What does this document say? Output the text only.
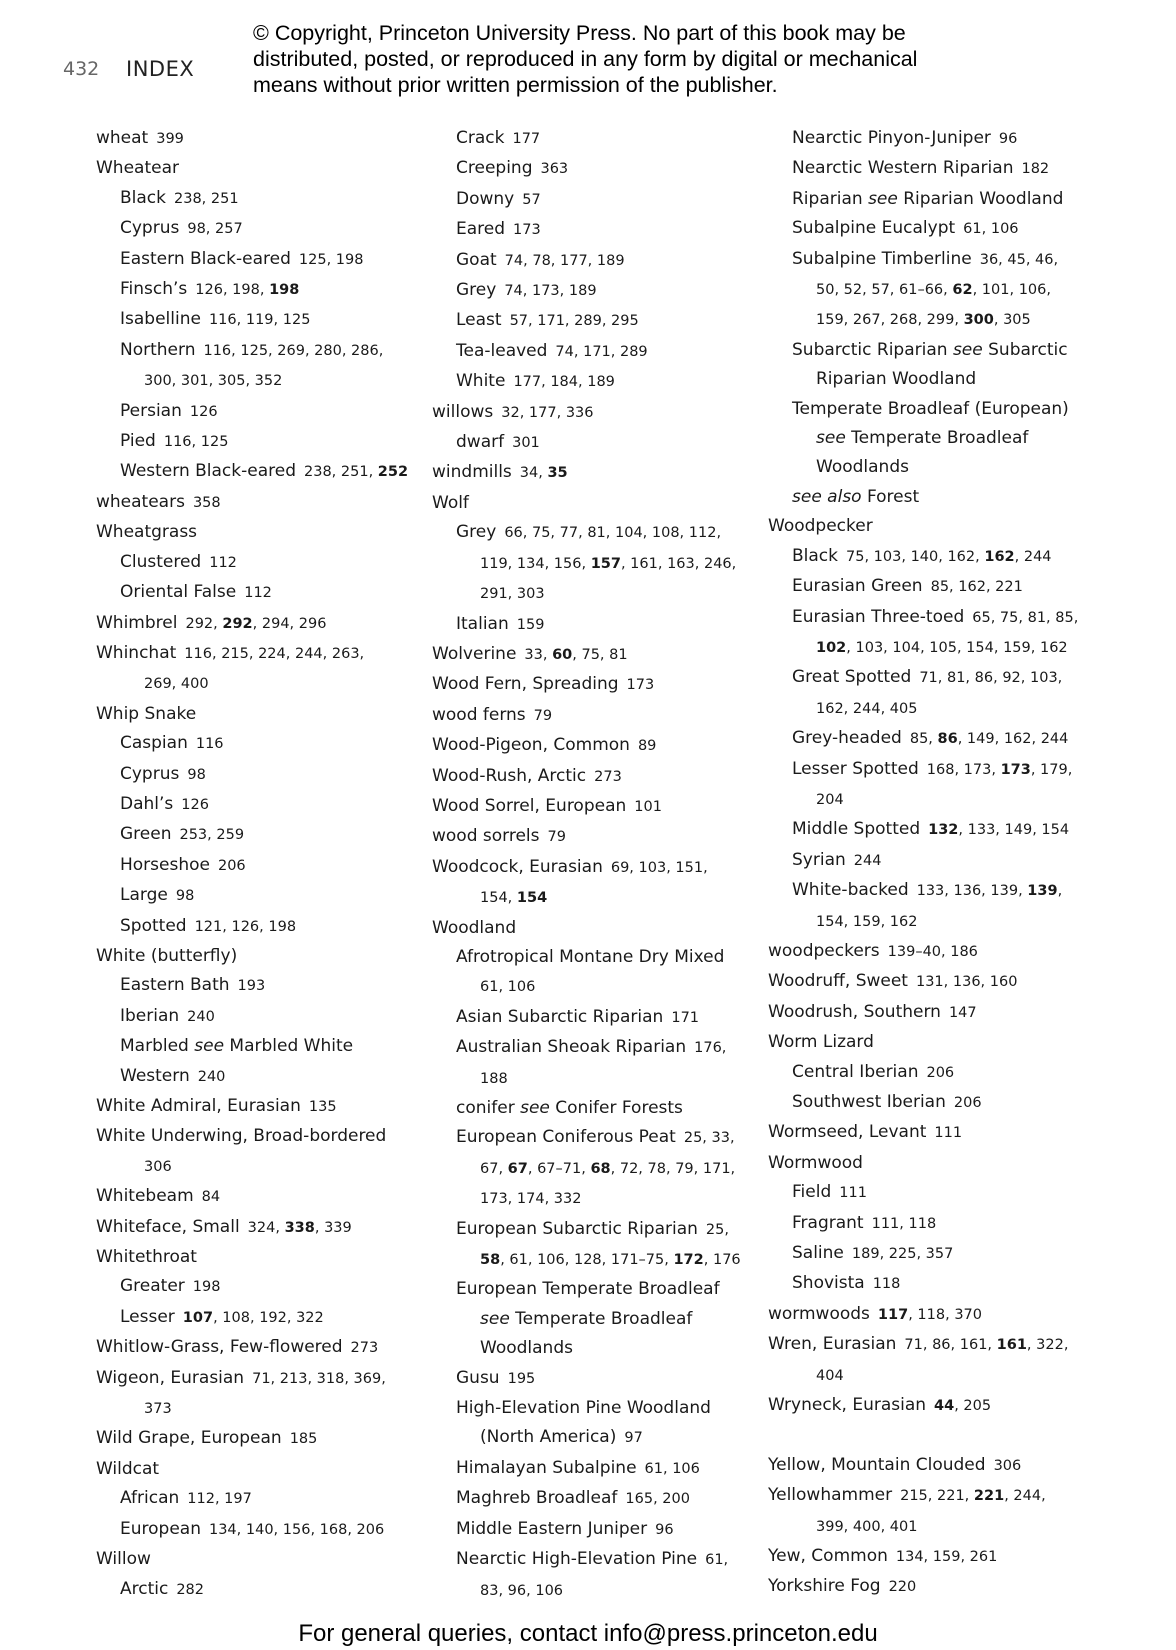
432 INDEX
© Copyright, Princeton University Press. No part of this book may be
distributed, posted, or reproduced in any form by digital or mechanical
means without prior written permission of the publisher.
wheat 399
Wheatear
Black 238, 251
Cyprus 98, 257
Eastern Black-eared 125, 198
Finsch’s 126, 198, 198
Isabelline 116, 119, 125
Northern 116, 125, 269, 280, 286,
300, 301, 305, 352
Persian 126
Pied 116, 125
Western Black-eared 238, 251, 252
wheatears 358
Wheatgrass
Clustered 112
Oriental False 112
Whimbrel 292, 292, 294, 296
Whinchat 116, 215, 224, 244, 263,
269, 400
Whip Snake
Caspian 116
Cyprus 98
Dahl’s 126
Green 253, 259
Horseshoe 206
Large 98
Spotted 121, 126, 198
White (butterfly)
Eastern Bath 193
Iberian 240
Marbled see Marbled White
Western 240
White Admiral, Eurasian 135
White Underwing, Broad-bordered
306
Whitebeam 84
Whiteface, Small 324, 338, 339
Whitethroat
Greater 198
Lesser 107, 108, 192, 322
Whitlow-Grass, Few-flowered 273
Wigeon, Eurasian 71, 213, 318, 369,
373
Wild Grape, European 185
Wildcat
African 112, 197
European 134, 140, 156, 168, 206
Willow
Arctic 282
Crack 177
Creeping 363
Downy 57
Eared 173
Goat 74, 78, 177, 189
Grey 74, 173, 189
Least 57, 171, 289, 295
Tea-leaved 74, 171, 289
White 177, 184, 189
willows 32, 177, 336
dwarf 301
windmills 34, 35
Wolf
Grey 66, 75, 77, 81, 104, 108, 112,
119, 134, 156, 157, 161, 163, 246,
291, 303
Italian 159
Wolverine 33, 60, 75, 81
Wood Fern, Spreading 173
wood ferns 79
Wood-Pigeon, Common 89
Wood-Rush, Arctic 273
Wood Sorrel, European 101
wood sorrels 79
Woodcock, Eurasian 69, 103, 151,
154, 154
Woodland
Afrotropical Montane Dry Mixed
61, 106
Asian Subarctic Riparian 171
Australian Sheoak Riparian 176,
188
conifer see Conifer Forests
European Coniferous Peat 25, 33,
67, 67, 67–71, 68, 72, 78, 79, 171,
173, 174, 332
European Subarctic Riparian 25,
58, 61, 106, 128, 171–75, 172, 176
European Temperate Broadleaf
see Temperate Broadleaf
Woodlands
Gusu 195
High-Elevation Pine Woodland
(North America) 97
Himalayan Subalpine 61, 106
Maghreb Broadleaf 165, 200
Middle Eastern Juniper 96
Nearctic High-Elevation Pine 61,
83, 96, 106
Nearctic Pinyon-Juniper 96
Nearctic Western Riparian 182
Riparian see Riparian Woodland
Subalpine Eucalypt 61, 106
Subalpine Timberline 36, 45, 46,
50, 52, 57, 61–66, 62, 101, 106,
159, 267, 268, 299, 300, 305
Subarctic Riparian see Subarctic
Riparian Woodland
Temperate Broadleaf (European)
see Temperate Broadleaf
Woodlands
see also Forest
Woodpecker
Black 75, 103, 140, 162, 162, 244
Eurasian Green 85, 162, 221
Eurasian Three-toed 65, 75, 81, 85,
102, 103, 104, 105, 154, 159, 162
Great Spotted 71, 81, 86, 92, 103,
162, 244, 405
Grey-headed 85, 86, 149, 162, 244
Lesser Spotted 168, 173, 173, 179,
204
Middle Spotted 132, 133, 149, 154
Syrian 244
White-backed 133, 136, 139, 139,
154, 159, 162
woodpeckers 139–40, 186
Woodruff, Sweet 131, 136, 160
Woodrush, Southern 147
Worm Lizard
Central Iberian 206
Southwest Iberian 206
Wormseed, Levant 111
Wormwood
Field 111
Fragrant 111, 118
Saline 189, 225, 357
Shovista 118
wormwoods 117, 118, 370
Wren, Eurasian 71, 86, 161, 161, 322,
404
Wryneck, Eurasian 44, 205
Yellow, Mountain Clouded 306
Yellowhammer 215, 221, 221, 244,
399, 400, 401
Yew, Common 134, 159, 261
Yorkshire Fog 220
For general queries, contact info@press.princeton.edu
